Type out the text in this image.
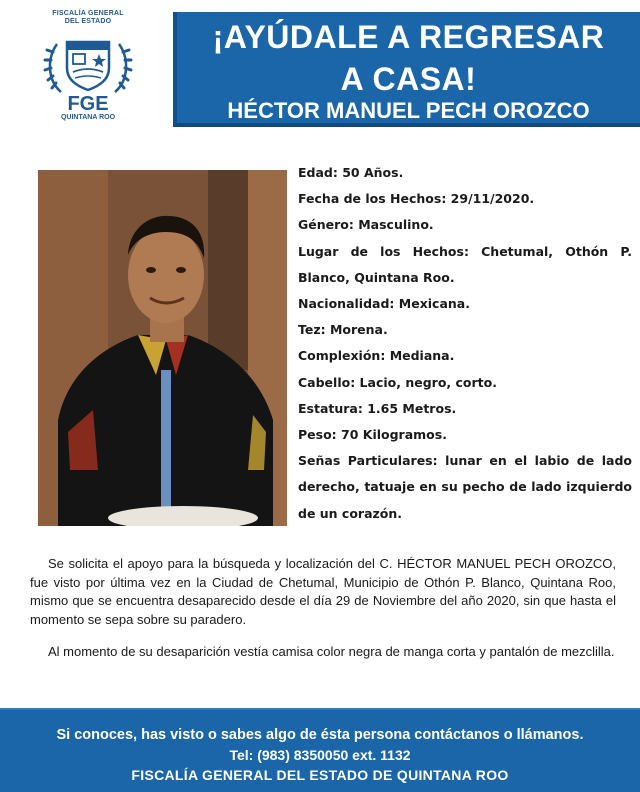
FISCALÍA GENERAL
DEL ESTADO
FGE
QUINTANA ROO
¡AYÚDALE A REGRESAR
A CASA!
HÉCTOR MANUEL PECH OROZCO
Edad: 50 Años.
Fecha de los Hechos: 29/11/2020.
Género: Masculino.
Lugar de los Hechos: Chetumal, Othón P. Blanco, Quintana Roo.
Nacionalidad: Mexicana.
Tez: Morena.
Complexión: Mediana.
Cabello: Lacio, negro, corto.
Estatura: 1.65 Metros.
Peso: 70 Kilogramos.
Señas Particulares: lunar en el labio de lado derecho, tatuaje en su pecho de lado izquierdo de un corazón.

Se solicita el apoyo para la búsqueda y localización del C. HÉCTOR MANUEL PECH OROZCO, fue visto por última vez en la Ciudad de Chetumal, Municipio de Othón P. Blanco, Quintana Roo, mismo que se encuentra desaparecido desde el día 29 de Noviembre del año 2020, sin que hasta el momento se sepa sobre su paradero.

Al momento de su desaparición vestía camisa color negra de manga corta y pantalón de mezclilla.

Si conoces, has visto o sabes algo de ésta persona contáctanos o llámanos.
Tel: (983) 8350050 ext. 1132
FISCALÍA GENERAL DEL ESTADO DE QUINTANA ROO
